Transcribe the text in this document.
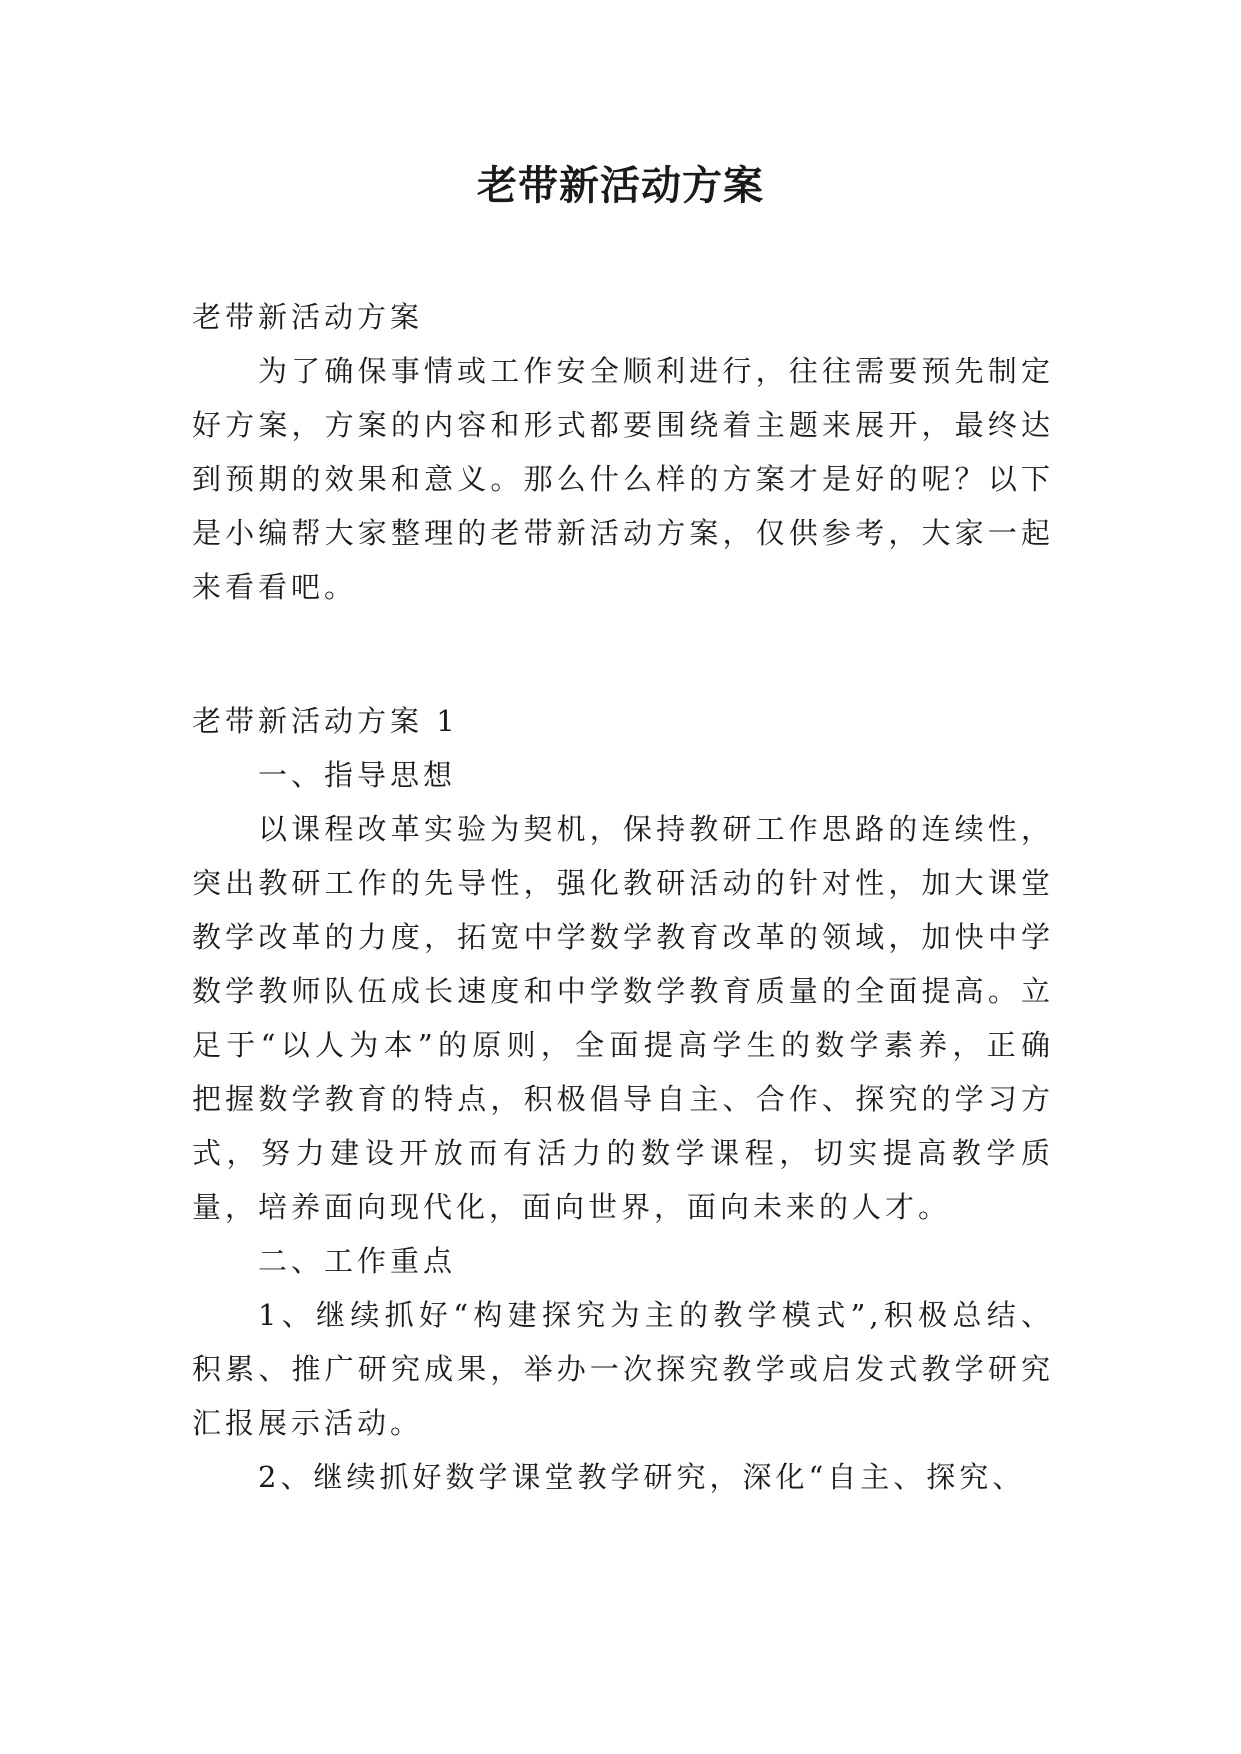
老带新活动方案

老带新活动方案

为了确保事情或工作安全顺利进行，往往需要预先制定好方案，方案的内容和形式都要围绕着主题来展开，最终达到预期的效果和意义。那么什么样的方案才是好的呢？以下是小编帮大家整理的老带新活动方案，仅供参考，大家一起来看看吧。

老带新活动方案 1

一、指导思想

以课程改革实验为契机，保持教研工作思路的连续性，突出教研工作的先导性，强化教研活动的针对性，加大课堂教学改革的力度，拓宽中学数学教育改革的领域，加快中学数学教师队伍成长速度和中学数学教育质量的全面提高。立足于“以人为本”的原则，全面提高学生的数学素养，正确把握数学教育的特点，积极倡导自主、合作、探究的学习方式，努力建设开放而有活力的数学课程，切实提高教学质量，培养面向现代化，面向世界，面向未来的人才。

二、工作重点

1、继续抓好“构建探究为主的教学模式”,积极总结、积累、推广研究成果，举办一次探究教学或启发式教学研究汇报展示活动。

2、继续抓好数学课堂教学研究，深化“自主、探究、
